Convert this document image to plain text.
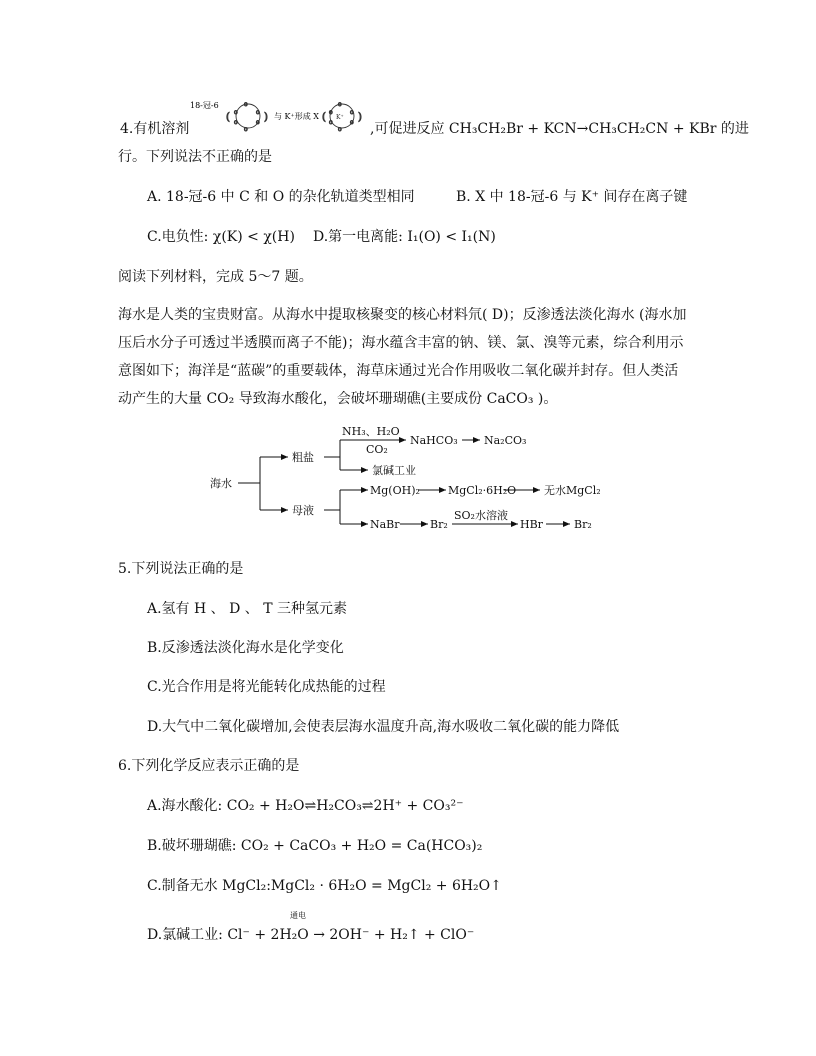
4.有机溶剂
18-冠-6
(
o
o	o
o	o
o
) 与 K⁺形成 X (
o
o	o
o	o
o
K⁺ )
,可促进反应 CH₃CH₂Br + KCN→CH₃CH₂CN + KBr 的进
行。下列说法不正确的是
A. 18-冠-6 中 C 和 O 的杂化轨道类型相同	B. X 中 18-冠-6 与 K⁺ 间存在离子键
C.电负性: χ(K) < χ(H) D.第一电离能: I₁(O) < I₁(N)
阅读下列材料，完成 5～7 题。
海水是人类的宝贵财富。从海水中提取核聚变的核心材料氘( D)；反渗透法淡化海水 (海水加
压后水分子可透过半透膜而离子不能)；海水蕴含丰富的钠、镁、氯、溴等元素，综合利用示
意图如下；海洋是“蓝碳”的重要载体，海草床通过光合作用吸收二氧化碳并封存。但人类活
动产生的大量 CO₂ 导致海水酸化，会破坏珊瑚礁(主要成份 CaCO₃ )。
海水
粗盐
母液
NH₃、H₂O
CO₂
NaHCO₃ Na₂CO₃
氯碱工业
Mg(OH)₂	MgCl₂·6H₂O	无水MgCl₂
NaBr	Br₂
SO₂水溶液
HBr	Br₂
5.下列说法正确的是
A.氢有 H 、 D 、 T 三种氢元素
B.反渗透法淡化海水是化学变化
C.光合作用是将光能转化成热能的过程
D.大气中二氧化碳增加,会使表层海水温度升高,海水吸收二氧化碳的能力降低
6.下列化学反应表示正确的是
A.海水酸化: CO₂ + H₂O⇌H₂CO₃⇌2H⁺ + CO₃²⁻
B.破坏珊瑚礁: CO₂ + CaCO₃ + H₂O = Ca(HCO₃)₂
C.制备无水 MgCl₂:MgCl₂ · 6H₂O = MgCl₂ + 6H₂O↑
通电
D.氯碱工业: Cl⁻ + 2H₂O → 2OH⁻ + H₂↑ + ClO⁻
